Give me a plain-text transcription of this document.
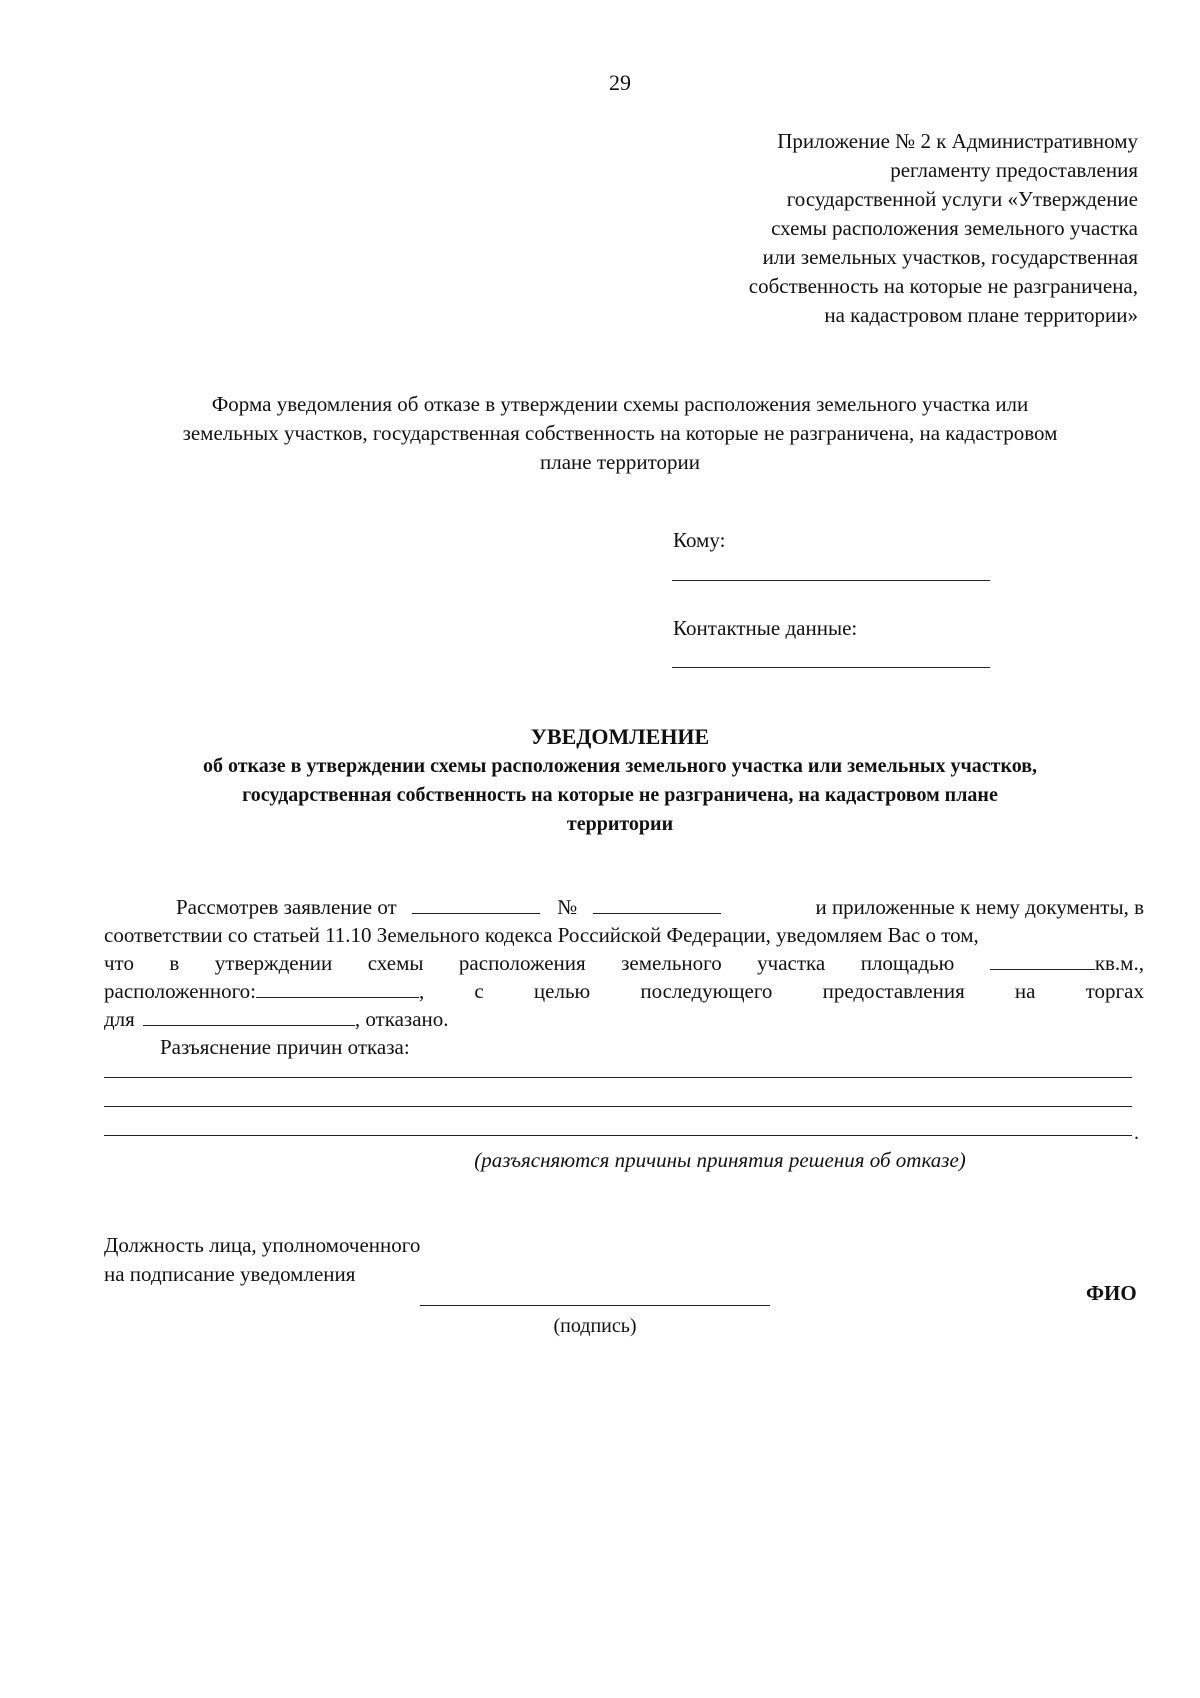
29
Приложение № 2 к Административному
регламенту предоставления
государственной услуги «Утверждение
схемы расположения земельного участка
или земельных участков, государственная
собственность на которые не разграничена,
на кадастровом плане территории»
Форма уведомления об отказе в утверждении схемы расположения земельного участка или
земельных участков, государственная собственность на которые не разграничена, на кадастровом
плане территории
Кому:
Контактные данные:
УВЕДОМЛЕНИЕ
об отказе в утверждении схемы расположения земельного участка или земельных участков,
государственная собственность на которые не разграничена, на кадастровом плане
территории
Рассмотрев заявление от	№	и приложенные к нему документы, в
соответствии со статьей 11.10 Земельного кодекса Российской Федерации, уведомляем Вас о том,
что в утверждении схемы расположения земельного участка площадью	кв.м.,
расположенного:	, с целью последующего предоставления на торгах
для	, отказано.
Разъяснение причин отказа:
.
(разъясняются причины принятия решения об отказе)
Должность лица, уполномоченного
на подписание уведомления
ФИО
(подпись)
